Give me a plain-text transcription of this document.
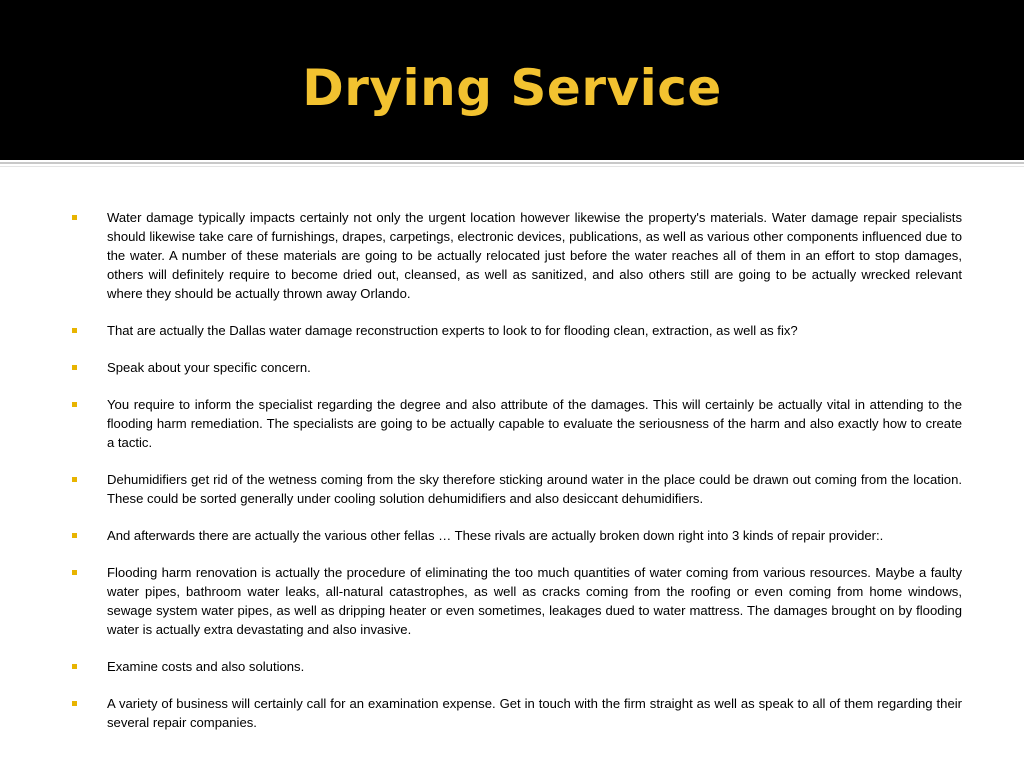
Drying Service
Water damage typically impacts certainly not only the urgent location however likewise the property's materials. Water damage repair specialists should likewise take care of furnishings, drapes, carpetings, electronic devices, publications, as well as various other components influenced due to the water. A number of these materials are going to be actually relocated just before the water reaches all of them in an effort to stop damages, others will definitely require to become dried out, cleansed, as well as sanitized, and also others still are going to be actually wrecked relevant where they should be actually thrown away Orlando.
That are actually the Dallas water damage reconstruction experts to look to for flooding clean, extraction, as well as fix?
Speak about your specific concern.
You require to inform the specialist regarding the degree and also attribute of the damages. This will certainly be actually vital in attending to the flooding harm remediation. The specialists are going to be actually capable to evaluate the seriousness of the harm and also exactly how to create a tactic.
Dehumidifiers get rid of the wetness coming from the sky therefore sticking around water in the place could be drawn out coming from the location. These could be sorted generally under cooling solution dehumidifiers and also desiccant dehumidifiers.
And afterwards there are actually the various other fellas … These rivals are actually broken down right into 3 kinds of repair provider:.
Flooding harm renovation is actually the procedure of eliminating the too much quantities of water coming from various resources. Maybe a faulty water pipes, bathroom water leaks, all-natural catastrophes, as well as cracks coming from the roofing or even coming from home windows, sewage system water pipes, as well as dripping heater or even sometimes, leakages dued to water mattress. The damages brought on by flooding water is actually extra devastating and also invasive.
Examine costs and also solutions.
A variety of business will certainly call for an examination expense. Get in touch with the firm straight as well as speak to all of them regarding their several repair companies.
